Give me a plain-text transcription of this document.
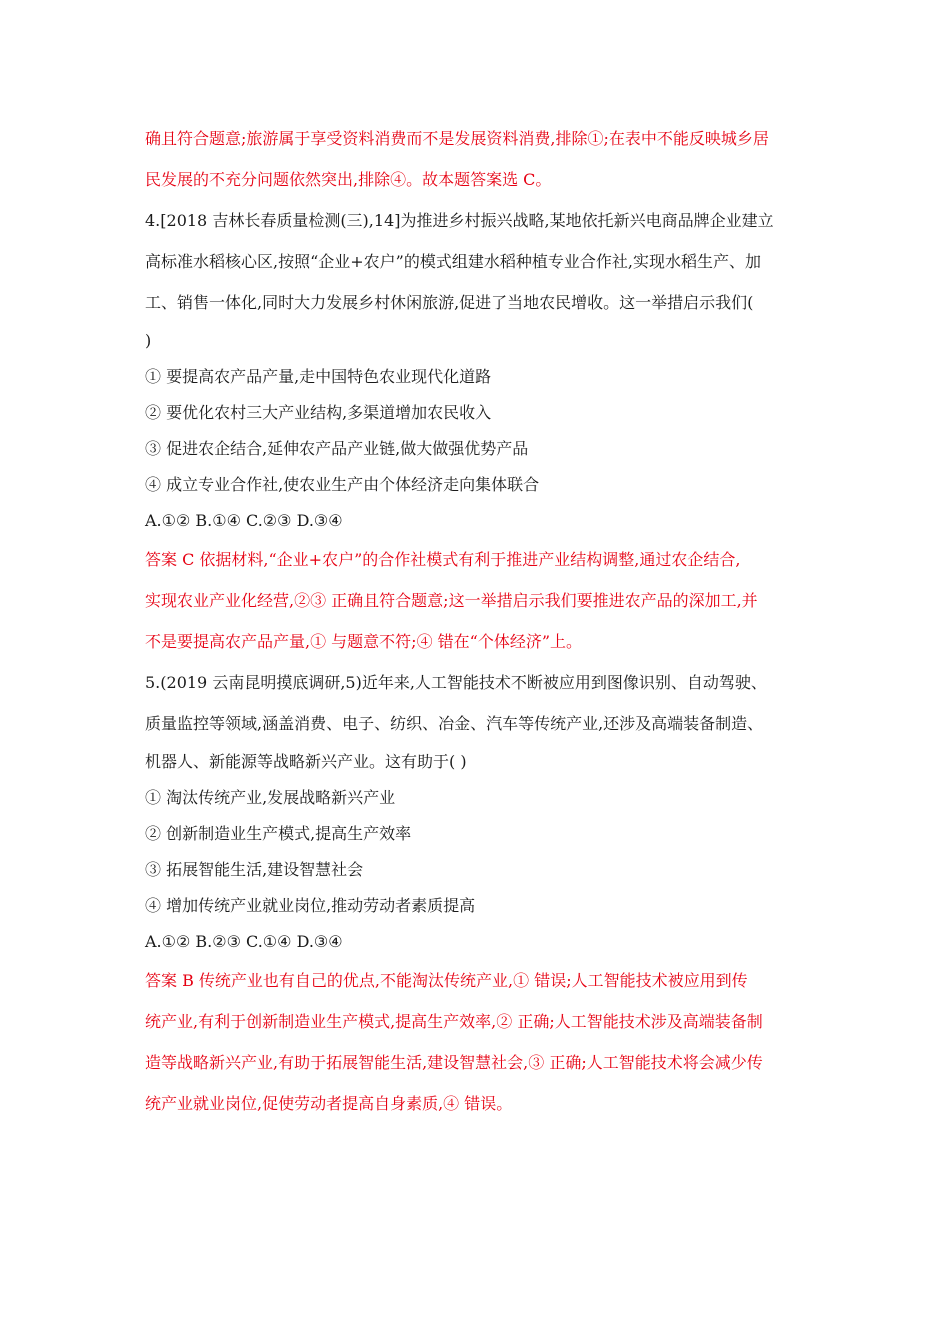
确且符合题意;旅游属于享受资料消费而不是发展资料消费,排除①;在表中不能反映城乡居
民发展的不充分问题依然突出,排除④。故本题答案选 C。
4.[2018 吉林长春质量检测(三),14]为推进乡村振兴战略,某地依托新兴电商品牌企业建立
高标准水稻核心区,按照“企业+农户”的模式组建水稻种植专业合作社,实现水稻生产、加
工、销售一体化,同时大力发展乡村休闲旅游,促进了当地农民增收。这一举措启示我们(
)
① 要提高农产品产量,走中国特色农业现代化道路
② 要优化农村三大产业结构,多渠道增加农民收入
③ 促进农企结合,延伸农产品产业链,做大做强优势产品
④ 成立专业合作社,使农业生产由个体经济走向集体联合
A.①② B.①④ C.②③ D.③④
答案 C 依据材料,“企业+农户”的合作社模式有利于推进产业结构调整,通过农企结合,
实现农业产业化经营,②③ 正确且符合题意;这一举措启示我们要推进农产品的深加工,并
不是要提高农产品产量,① 与题意不符;④ 错在“个体经济”上。
5.(2019 云南昆明摸底调研,5)近年来,人工智能技术不断被应用到图像识别、自动驾驶、
质量监控等领域,涵盖消费、电子、纺织、冶金、汽车等传统产业,还涉及高端装备制造、
机器人、新能源等战略新兴产业。这有助于( )
① 淘汰传统产业,发展战略新兴产业
② 创新制造业生产模式,提高生产效率
③ 拓展智能生活,建设智慧社会
④ 增加传统产业就业岗位,推动劳动者素质提高
A.①② B.②③ C.①④ D.③④
答案 B 传统产业也有自己的优点,不能淘汰传统产业,① 错误;人工智能技术被应用到传
统产业,有利于创新制造业生产模式,提高生产效率,② 正确;人工智能技术涉及高端装备制
造等战略新兴产业,有助于拓展智能生活,建设智慧社会,③ 正确;人工智能技术将会减少传
统产业就业岗位,促使劳动者提高自身素质,④ 错误。
